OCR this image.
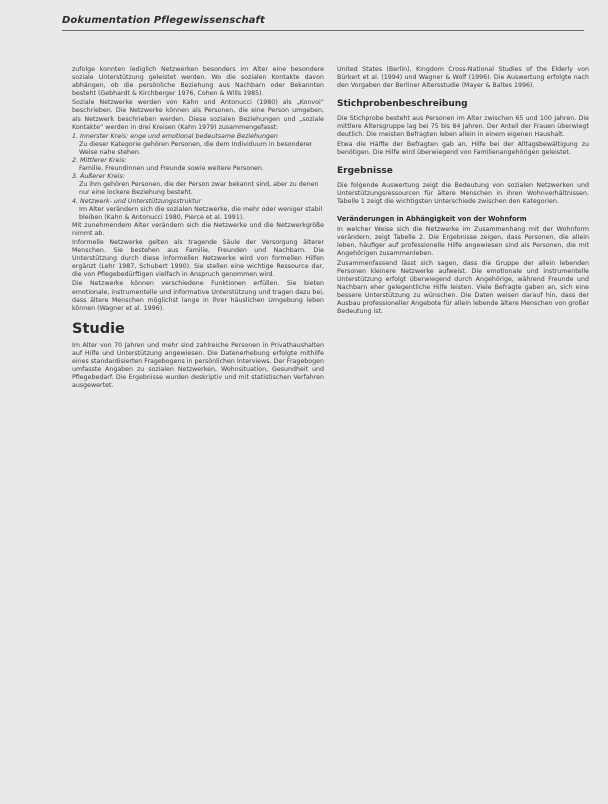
Dokumentation Pflegewissenschaft

zufolge konnten lediglich Netzwerken besonders im Alter eine besondere soziale Unterstützung geleistet werden. Wo die sozialen Kontakte davon abhängen, ob die persönliche Beziehung aus Nachbarn oder Bekannten besteht (Gebhardt & Kirchberger 1976, Cohen & Wills 1985).

Soziale Netzwerke werden von Kahn und Antonucci (1980) als „Konvoi“ beschrieben. Die Netzwerke können als Personen, die eine Person umgeben, als Netzwerk beschrieben werden. Diese sozialen Beziehungen und „soziale Kontakte“ werden in drei Kreisen (Kahn 1979) zusammengefasst:

1. Innerster Kreis: enge und emotional bedeutsame Beziehungen
Zu dieser Kategorie gehören Personen, die dem Individuum in besonderer Weise nahe stehen.
2. Mittlerer Kreis:
Familie, Freundinnen und Freunde sowie weitere Personen.
3. Äußerer Kreis:
Zu ihm gehören Personen, die der Person zwar bekannt sind, aber zu denen nur eine lockere Beziehung besteht.
4. Netzwerk- und Unterstützungsstruktur
Im Alter verändern sich die sozialen Netzwerke, die mehr oder weniger stabil bleiben (Kahn & Antonucci 1980, Pierce et al. 1991).

Mit zunehmendem Alter verändern sich die Netzwerke und die Netzwerkgröße nimmt ab.

Informelle Netzwerke gelten als tragende Säule der Versorgung älterer Menschen. Sie bestehen aus Familie, Freunden und Nachbarn. Die Unterstützung durch diese informellen Netzwerke wird von formellen Hilfen ergänzt (Lehr 1987, Schubert 1990). Sie stellen eine wichtige Ressource dar, die von Pflegebedürftigen vielfach in Anspruch genommen wird.

Die Netzwerke können verschiedene Funktionen erfüllen. Sie bieten emotionale, instrumentelle und informative Unterstützung und tragen dazu bei, dass ältere Menschen möglichst lange in ihrer häuslichen Umgebung leben können (Wagner et al. 1996).

Studie

Im Alter von 70 Jahren und mehr sind zahlreiche Personen in Privathaushalten auf Hilfe und Unterstützung angewiesen. Die Datenerhebung erfolgte mithilfe eines standardisierten Fragebogens in persönlichen Interviews. Der Fragebogen umfasste Angaben zu sozialen Netzwerken, Wohnsituation, Gesundheit und Pflegebedarf. Die Ergebnisse wurden deskriptiv und mit statistischen Verfahren ausgewertet.

United States (Berlin), Kingdom Cross-National Studies of the Elderly von Bürkert et al. (1994) und Wagner & Wolf (1996). Die Auswertung erfolgte nach den Vorgaben der Berliner Altersstudie (Mayer & Baltes 1996).

Stichprobenbeschreibung

Die Stichprobe besteht aus Personen im Alter zwischen 65 und 100 Jahren. Die mittlere Altersgruppe lag bei 75 bis 84 Jahren. Der Anteil der Frauen überwiegt deutlich. Die meisten Befragten leben allein in einem eigenen Haushalt.

Etwa die Hälfte der Befragten gab an, Hilfe bei der Alltagsbewältigung zu benötigen. Die Hilfe wird überwiegend von Familienangehörigen geleistet.

Ergebnisse

Die folgende Auswertung zeigt die Bedeutung von sozialen Netzwerken und Unterstützungsressourcen für ältere Menschen in ihren Wohnverhältnissen. Tabelle 1 zeigt die wichtigsten Unterschiede zwischen den Kategorien.

Veränderungen in Abhängigkeit von der Wohnform

In welcher Weise sich die Netzwerke im Zusammenhang mit der Wohnform verändern, zeigt Tabelle 2. Die Ergebnisse zeigen, dass Personen, die allein leben, häufiger auf professionelle Hilfe angewiesen sind als Personen, die mit Angehörigen zusammenleben.

Zusammenfassend lässt sich sagen, dass die Gruppe der allein lebenden Personen kleinere Netzwerke aufweist. Die emotionale und instrumentelle Unterstützung erfolgt überwiegend durch Angehörige, während Freunde und Nachbarn eher gelegentliche Hilfe leisten. Viele Befragte gaben an, sich eine bessere Unterstützung zu wünschen. Die Daten weisen darauf hin, dass der Ausbau professioneller Angebote für allein lebende ältere Menschen von großer Bedeutung ist.
